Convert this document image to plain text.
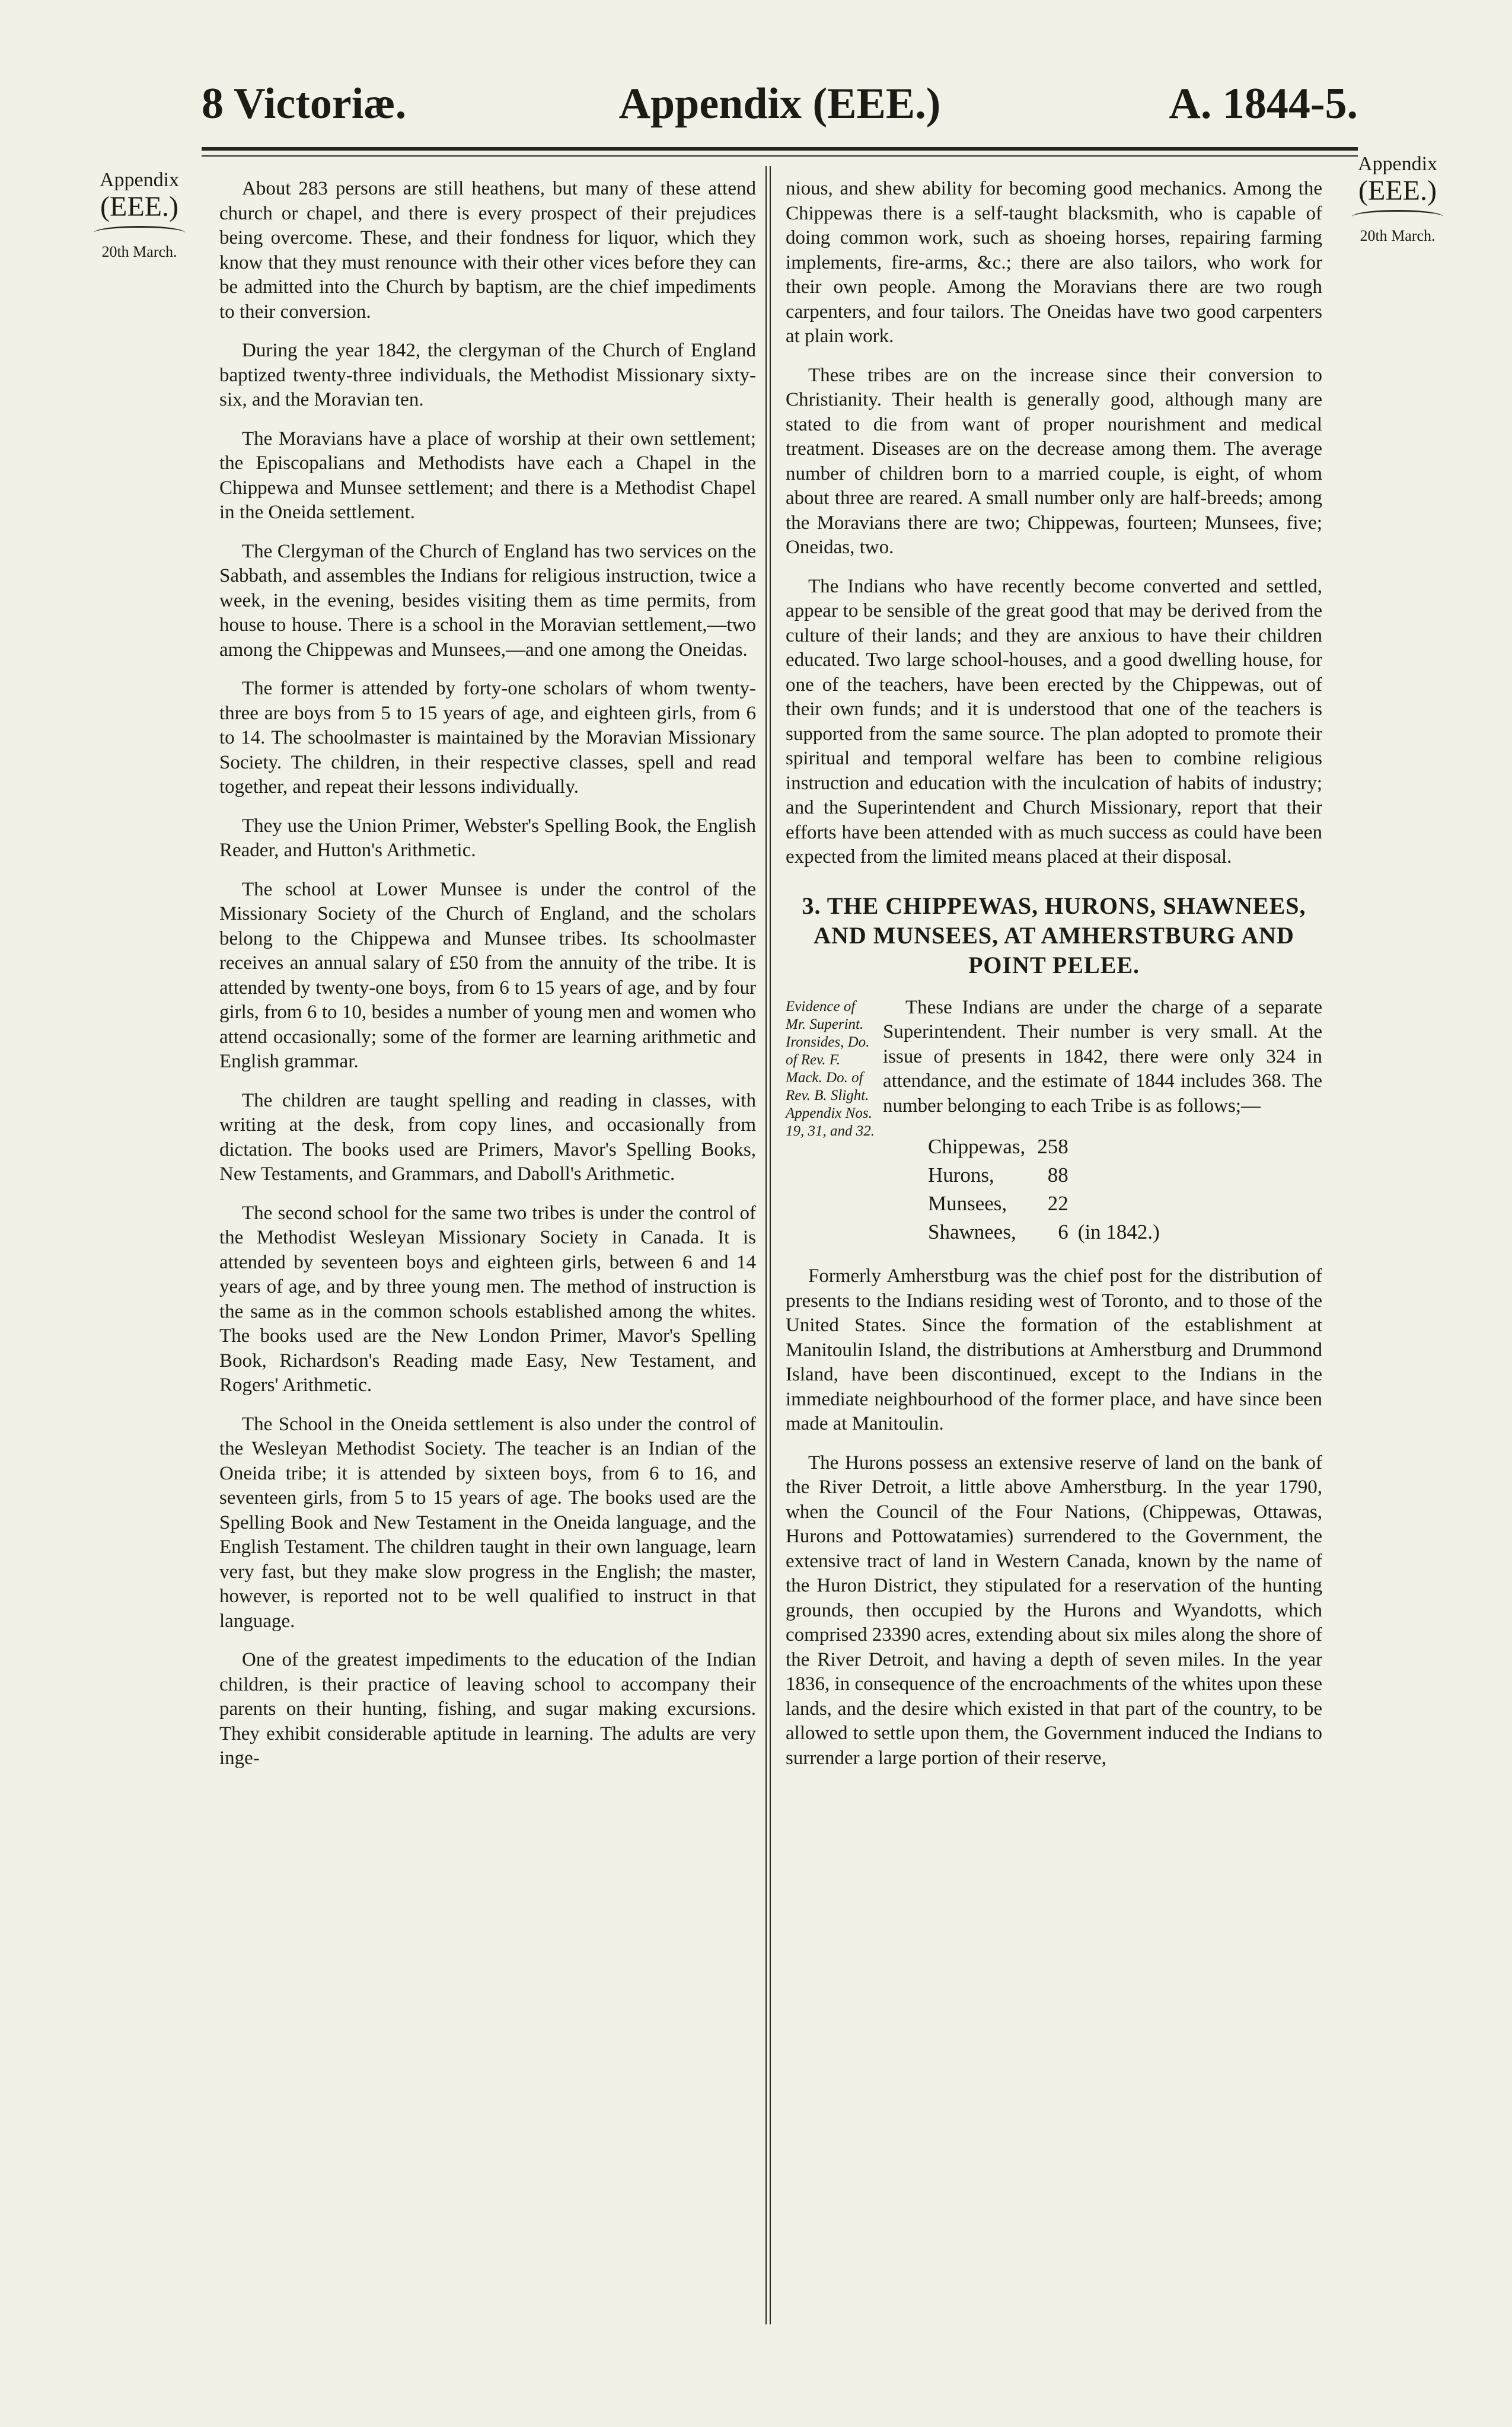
8 Victoriæ.	Appendix (EEE.)	A. 1844-5.
Appendix
(EEE.)
20th March.
Appendix
(EEE.)
20th March.

About 283 persons are still heathens, but many of these attend church or chapel, and there is every prospect of their prejudices being overcome. These, and their fondness for liquor, which they know that they must renounce with their other vices before they can be admitted into the Church by baptism, are the chief impediments to their conversion.

During the year 1842, the clergyman of the Church of England baptized twenty-three individuals, the Methodist Missionary sixty-six, and the Moravian ten.

The Moravians have a place of worship at their own settlement; the Episcopalians and Methodists have each a Chapel in the Chippewa and Munsee settlement; and there is a Methodist Chapel in the Oneida settlement.

The Clergyman of the Church of England has two services on the Sabbath, and assembles the Indians for religious instruction, twice a week, in the evening, besides visiting them as time permits, from house to house. There is a school in the Moravian settlement,—two among the Chippewas and Munsees,—and one among the Oneidas.

The former is attended by forty-one scholars of whom twenty-three are boys from 5 to 15 years of age, and eighteen girls, from 6 to 14. The schoolmaster is maintained by the Moravian Missionary Society. The children, in their respective classes, spell and read together, and repeat their lessons individually.

They use the Union Primer, Webster's Spelling Book, the English Reader, and Hutton's Arithmetic.

The school at Lower Munsee is under the control of the Missionary Society of the Church of England, and the scholars belong to the Chippewa and Munsee tribes. Its schoolmaster receives an annual salary of £50 from the annuity of the tribe. It is attended by twenty-one boys, from 6 to 15 years of age, and by four girls, from 6 to 10, besides a number of young men and women who attend occasionally; some of the former are learning arithmetic and English grammar.

The children are taught spelling and reading in classes, with writing at the desk, from copy lines, and occasionally from dictation. The books used are Primers, Mavor's Spelling Books, New Testaments, and Grammars, and Daboll's Arithmetic.

The second school for the same two tribes is under the control of the Methodist Wesleyan Missionary Society in Canada. It is attended by seventeen boys and eighteen girls, between 6 and 14 years of age, and by three young men. The method of instruction is the same as in the common schools established among the whites. The books used are the New London Primer, Mavor's Spelling Book, Richardson's Reading made Easy, New Testament, and Rogers' Arithmetic.

The School in the Oneida settlement is also under the control of the Wesleyan Methodist Society. The teacher is an Indian of the Oneida tribe; it is attended by sixteen boys, from 6 to 16, and seventeen girls, from 5 to 15 years of age. The books used are the Spelling Book and New Testament in the Oneida language, and the English Testament. The children taught in their own language, learn very fast, but they make slow progress in the English; the master, however, is reported not to be well qualified to instruct in that language.

One of the greatest impediments to the education of the Indian children, is their practice of leaving school to accompany their parents on their hunting, fishing, and sugar making excursions. They exhibit considerable aptitude in learning. The adults are very inge-

nious, and shew ability for becoming good mechanics. Among the Chippewas there is a self-taught blacksmith, who is capable of doing common work, such as shoeing horses, repairing farming implements, fire-arms, &c.; there are also tailors, who work for their own people. Among the Moravians there are two rough carpenters, and four tailors. The Oneidas have two good carpenters at plain work.

These tribes are on the increase since their conversion to Christianity. Their health is generally good, although many are stated to die from want of proper nourishment and medical treatment. Diseases are on the decrease among them. The average number of children born to a married couple, is eight, of whom about three are reared. A small number only are half-breeds; among the Moravians there are two; Chippewas, fourteen; Munsees, five; Oneidas, two.

The Indians who have recently become converted and settled, appear to be sensible of the great good that may be derived from the culture of their lands; and they are anxious to have their children educated. Two large school-houses, and a good dwelling house, for one of the teachers, have been erected by the Chippewas, out of their own funds; and it is understood that one of the teachers is supported from the same source. The plan adopted to promote their spiritual and temporal welfare has been to combine religious instruction and education with the inculcation of habits of industry; and the Superintendent and Church Missionary, report that their efforts have been attended with as much success as could have been expected from the limited means placed at their disposal.

3. THE CHIPPEWAS, HURONS, SHAWNEES, AND MUNSEES, AT AMHERSTBURG AND POINT PELEE.
Evidence of Mr. Superint. Ironsides, Do. of Rev. F. Mack. Do. of Rev. B. Slight. Appendix Nos. 19, 31, and 32.

These Indians are under the charge of a separate Superintendent. Their number is very small. At the issue of presents in 1842, there were only 324 in attendance, and the estimate of 1844 includes 368. The number belonging to each Tribe is as follows;—

Chippewas,	258	
Hurons,	88	
Munsees,	22	
Shawnees,	6	(in 1842.)

Formerly Amherstburg was the chief post for the distribution of presents to the Indians residing west of Toronto, and to those of the United States. Since the formation of the establishment at Manitoulin Island, the distributions at Amherstburg and Drummond Island, have been discontinued, except to the Indians in the immediate neighbourhood of the former place, and have since been made at Manitoulin.

The Hurons possess an extensive reserve of land on the bank of the River Detroit, a little above Amherstburg. In the year 1790, when the Council of the Four Nations, (Chippewas, Ottawas, Hurons and Pottowatamies) surrendered to the Government, the extensive tract of land in Western Canada, known by the name of the Huron District, they stipulated for a reservation of the hunting grounds, then occupied by the Hurons and Wyandotts, which comprised 23390 acres, extending about six miles along the shore of the River Detroit, and having a depth of seven miles. In the year 1836, in consequence of the encroachments of the whites upon these lands, and the desire which existed in that part of the country, to be allowed to settle upon them, the Government induced the Indians to surrender a large portion of their reserve,
